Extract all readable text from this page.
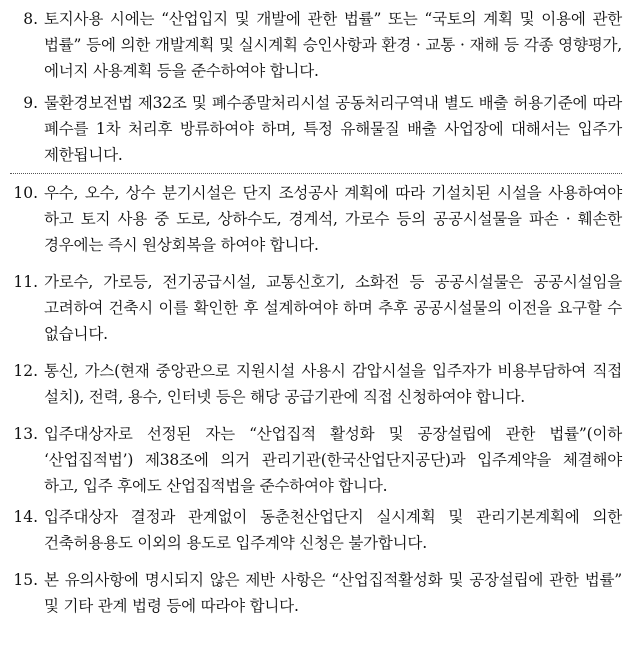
8. 토지사용 시에는 “산업입지 및 개발에 관한 법률” 또는 “국토의 계획 및 이용에 관한 법률” 등에 의한 개발계획 및 실시계획 승인사항과 환경 · 교통 · 재해 등 각종 영향평가, 에너지 사용계획 등을 준수하여야 합니다.
9. 물환경보전법 제32조 및 폐수종말처리시설 공동처리구역내 별도 배출 허용기준에 따라 폐수를 1차 처리후 방류하여야 하며, 특정 유해물질 배출 사업장에 대해서는 입주가 제한됩니다.
10. 우수, 오수, 상수 분기시설은 단지 조성공사 계획에 따라 기설치된 시설을 사용하여야 하고 토지 사용 중 도로, 상하수도, 경계석, 가로수 등의 공공시설물을 파손 · 훼손한 경우에는 즉시 원상회복을 하여야 합니다.
11. 가로수, 가로등, 전기공급시설, 교통신호기, 소화전 등 공공시설물은 공공시설임을 고려하여 건축시 이를 확인한 후 설계하여야 하며 추후 공공시설물의 이전을 요구할 수 없습니다.
12. 통신, 가스(현재 중앙관으로 지원시설 사용시 감압시설을 입주자가 비용부담하여 직접 설치), 전력, 용수, 인터넷 등은 해당 공급기관에 직접 신청하여야 합니다.
13. 입주대상자로 선정된 자는 “산업집적 활성화 및 공장설립에 관한 법률”(이하 ‘산업집적법’) 제38조에 의거 관리기관(한국산업단지공단)과 입주계약을 체결해야 하고, 입주 후에도 산업집적법을 준수하여야 합니다.
14. 입주대상자 결정과 관계없이 동춘천산업단지 실시계획 및 관리기본계획에 의한 건축허용용도 이외의 용도로 입주계약 신청은 불가합니다.
15. 본 유의사항에 명시되지 않은 제반 사항은 “산업집적활성화 및 공장설립에 관한 법률” 및 기타 관계 법령 등에 따라야 합니다.
